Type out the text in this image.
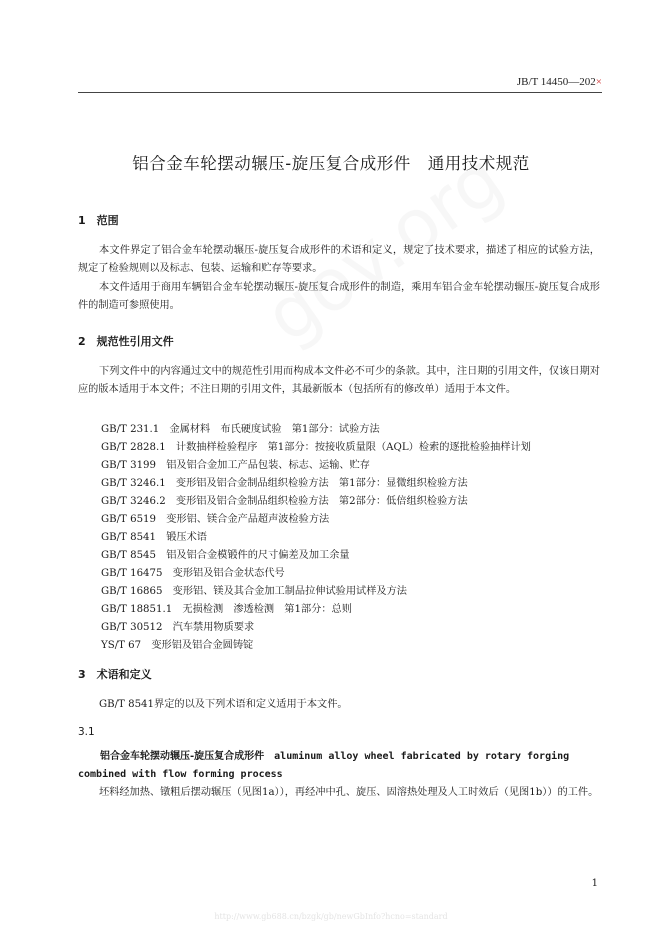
JB/T 14450—202×
铝合金车轮摆动辗压-旋压复合成形件　通用技术规范
1　范围

本文件界定了铝合金车轮摆动辗压-旋压复合成形件的术语和定义，规定了技术要求，描述了相应的试验方法，规定了检验规则以及标志、包装、运输和贮存等要求。

本文件适用于商用车辆铝合金车轮摆动辗压-旋压复合成形件的制造，乘用车铝合金车轮摆动辗压-旋压复合成形件的制造可参照使用。

2　规范性引用文件

下列文件中的内容通过文中的规范性引用而构成本文件必不可少的条款。其中，注日期的引用文件，仅该日期对应的版本适用于本文件；不注日期的引用文件，其最新版本（包括所有的修改单）适用于本文件。

GB/T 231.1　金属材料　布氏硬度试验　第1部分：试验方法
GB/T 2828.1　计数抽样检验程序　第1部分：按接收质量限（AQL）检索的逐批检验抽样计划
GB/T 3199　铝及铝合金加工产品包装、标志、运输、贮存
GB/T 3246.1　变形铝及铝合金制品组织检验方法　第1部分：显微组织检验方法
GB/T 3246.2　变形铝及铝合金制品组织检验方法　第2部分：低倍组织检验方法
GB/T 6519　变形铝、镁合金产品超声波检验方法
GB/T 8541　锻压术语
GB/T 8545　铝及铝合金模锻件的尺寸偏差及加工余量
GB/T 16475　变形铝及铝合金状态代号
GB/T 16865　变形铝、镁及其合金加工制品拉伸试验用试样及方法
GB/T 18851.1　无损检测　渗透检测　第1部分：总则
GB/T 30512　汽车禁用物质要求
YS/T 67　变形铝及铝合金圆铸锭
3　术语和定义

GB/T 8541界定的以及下列术语和定义适用于本文件。

3.1

铝合金车轮摆动辗压-旋压复合成形件　 aluminum alloy wheel fabricated by rotary forging combined with flow forming process

坯料经加热、镦粗后摆动辗压（见图1a）），再经冲中孔、旋压、固溶热处理及人工时效后（见图1b））的工件。

1
http://www.gb688.cn/bzgk/gb/newGbInfo?hcno=standard
